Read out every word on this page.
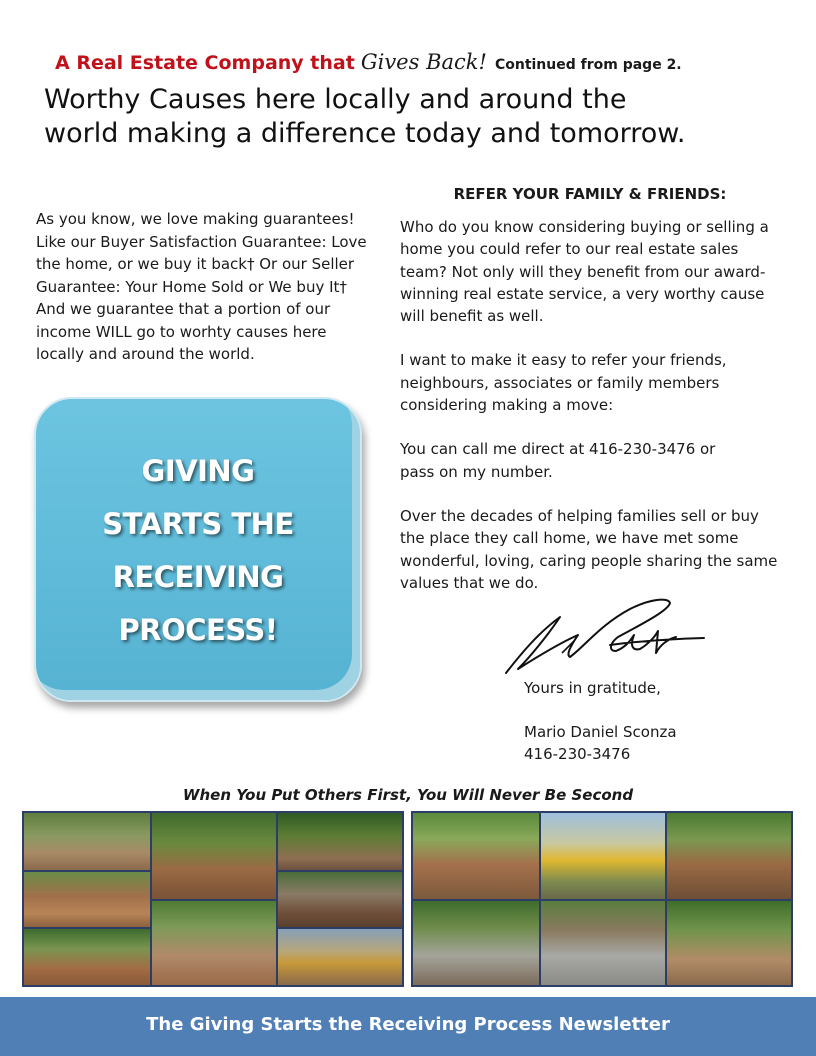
A Real Estate Company that Gives Back! Continued from page 2.
Worthy Causes here locally and around the
world making a difference today and tomorrow.
As you know, we love making guarantees! Like our Buyer Satisfaction Guarantee: Love the home, or we buy it back† Or our Seller Guarantee: Your Home Sold or We buy It† And we guarantee that a portion of our income WILL go to worhty causes here locally and around the world.
GIVING
STARTS THE
RECEIVING
PROCESS!
REFER YOUR FAMILY & FRIENDS:

Who do you know considering buying or selling a home you could refer to our real estate sales team? Not only will they benefit from our award-winning real estate service, a very worthy cause will benefit as well.

I want to make it easy to refer your friends, neighbours, associates or family members considering making a move:

You can call me direct at 416-230-3476 or
pass on my number.

Over the decades of helping families sell or buy the place they call home, we have met some wonderful, loving, caring people sharing the same values that we do.

Yours in gratitude,
Mario Daniel Sconza
416-230-3476
When You Put Others First, You Will Never Be Second
The Giving Starts the Receiving Process Newsletter
